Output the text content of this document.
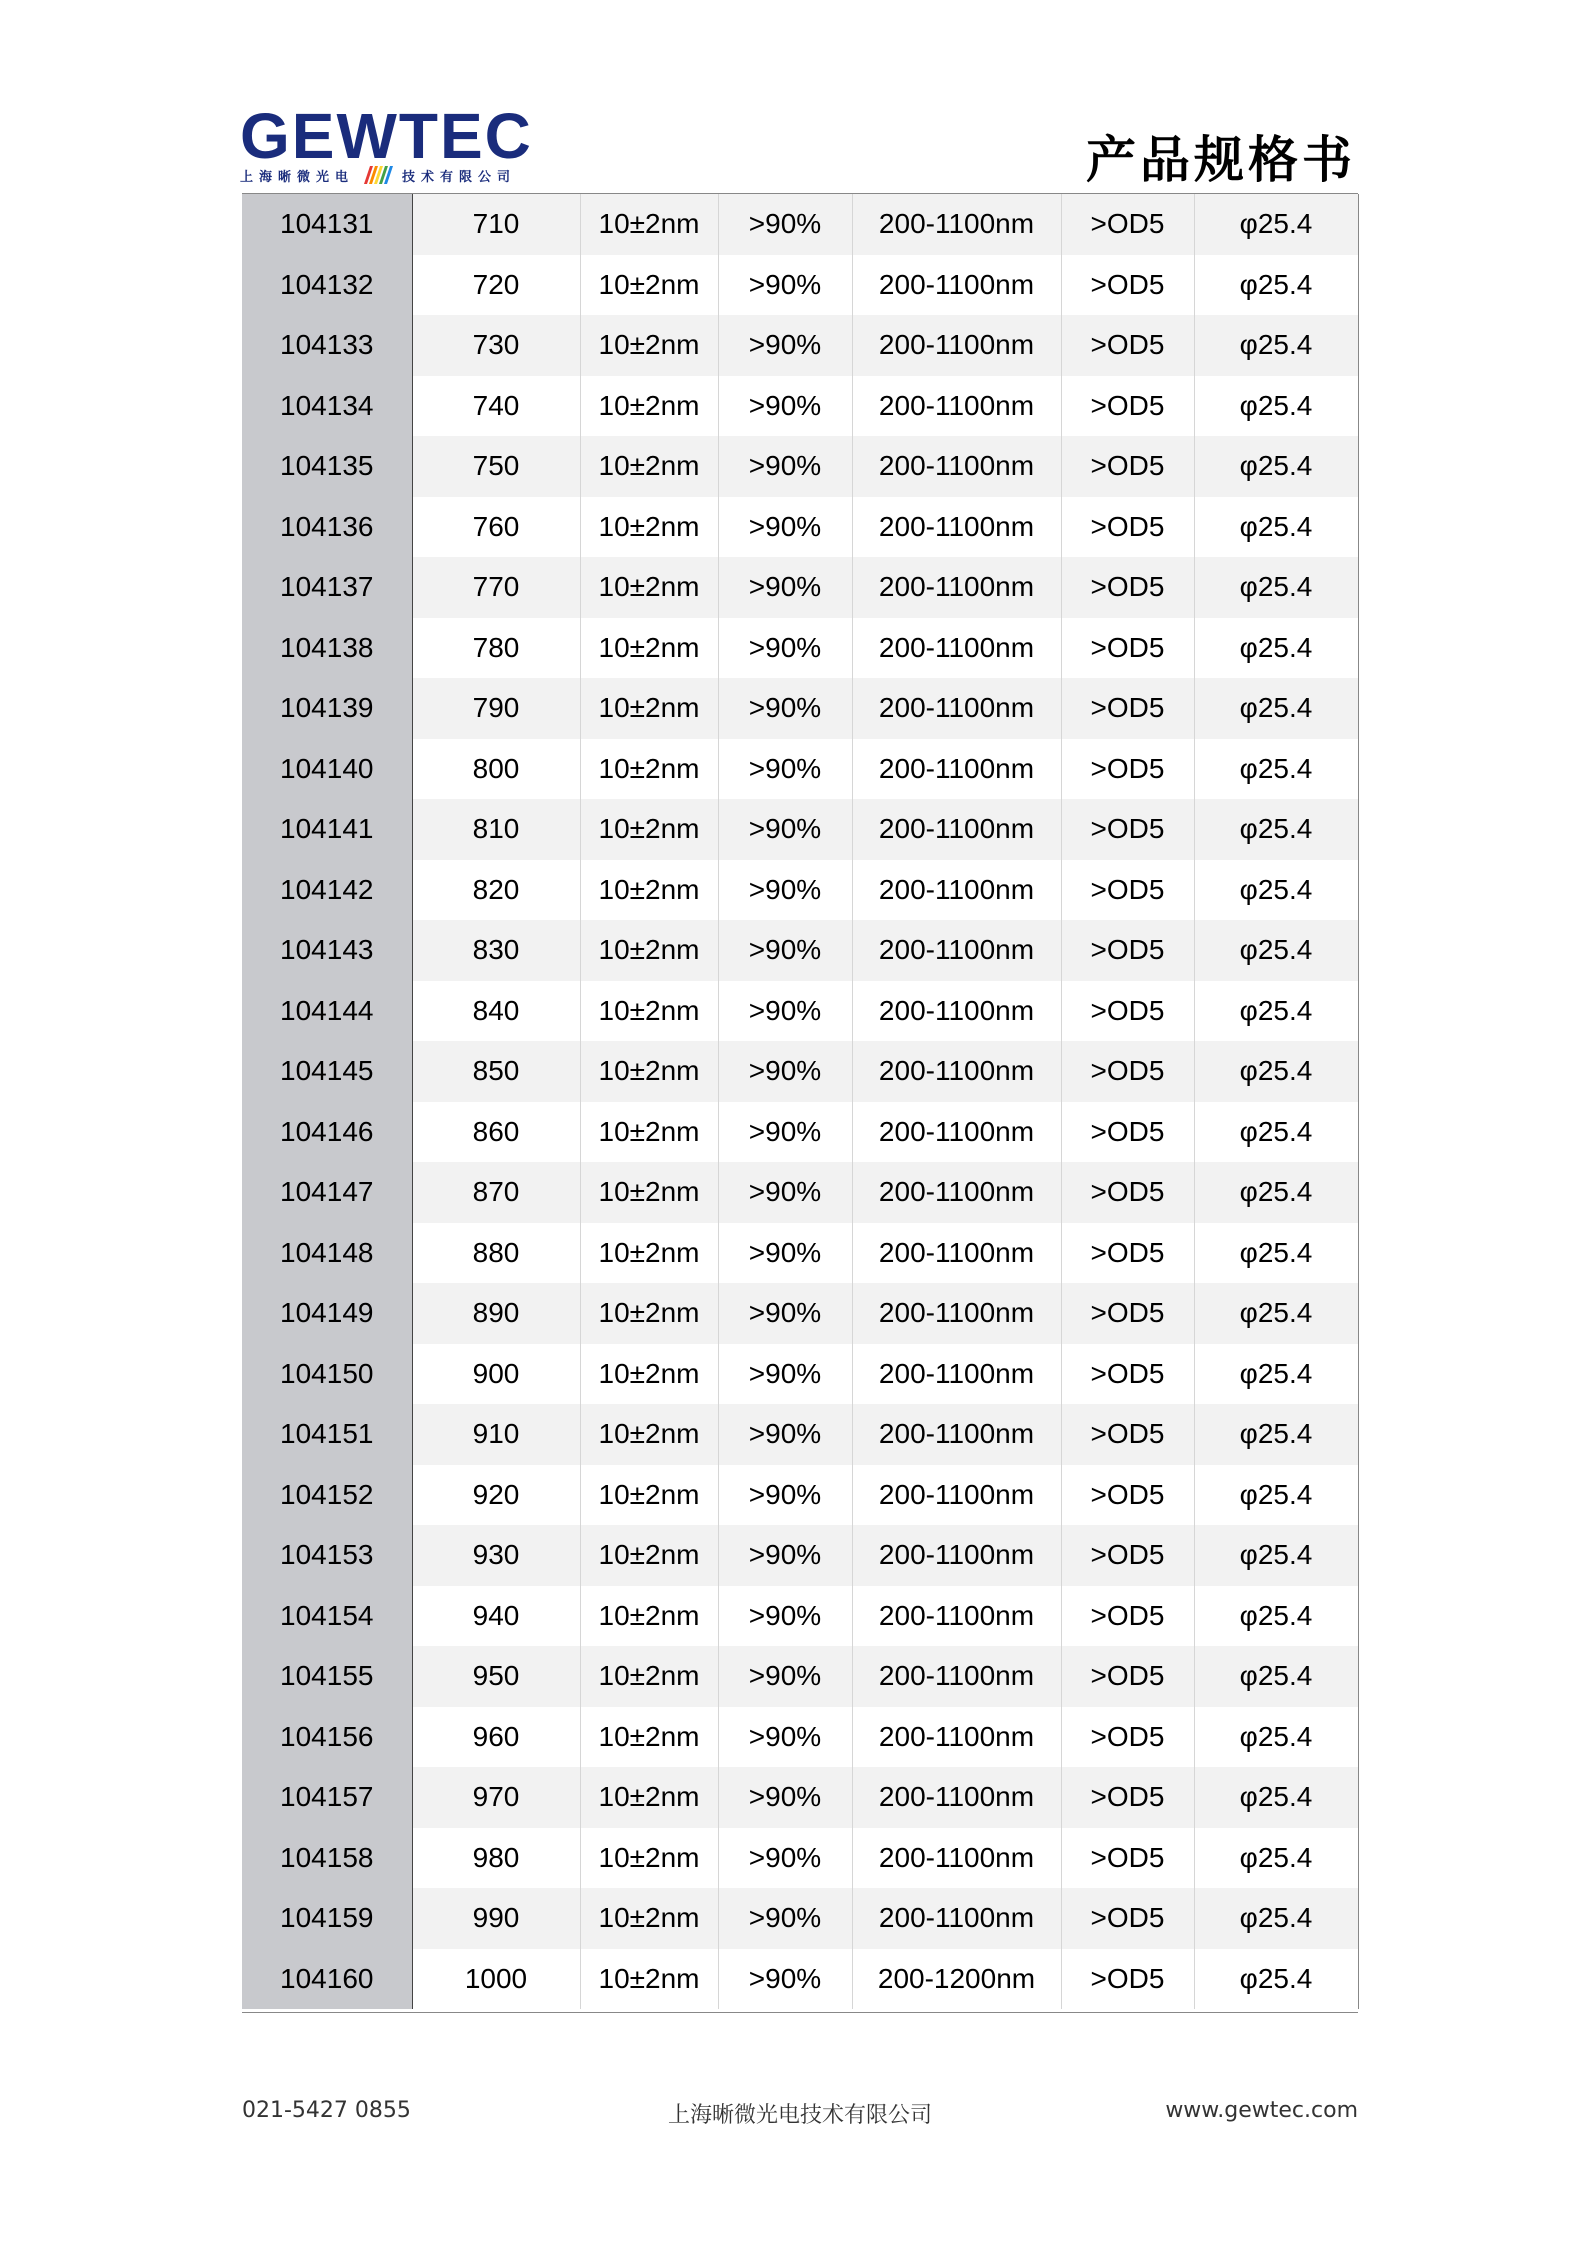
GEWTEC
上海晰微光电	技术有限公司	产品规格书
104131	710	10±2nm	>90%	200-1100nm	>OD5	φ25.4
104132	720	10±2nm	>90%	200-1100nm	>OD5	φ25.4
104133	730	10±2nm	>90%	200-1100nm	>OD5	φ25.4
104134	740	10±2nm	>90%	200-1100nm	>OD5	φ25.4
104135	750	10±2nm	>90%	200-1100nm	>OD5	φ25.4
104136	760	10±2nm	>90%	200-1100nm	>OD5	φ25.4
104137	770	10±2nm	>90%	200-1100nm	>OD5	φ25.4
104138	780	10±2nm	>90%	200-1100nm	>OD5	φ25.4
104139	790	10±2nm	>90%	200-1100nm	>OD5	φ25.4
104140	800	10±2nm	>90%	200-1100nm	>OD5	φ25.4
104141	810	10±2nm	>90%	200-1100nm	>OD5	φ25.4
104142	820	10±2nm	>90%	200-1100nm	>OD5	φ25.4
104143	830	10±2nm	>90%	200-1100nm	>OD5	φ25.4
104144	840	10±2nm	>90%	200-1100nm	>OD5	φ25.4
104145	850	10±2nm	>90%	200-1100nm	>OD5	φ25.4
104146	860	10±2nm	>90%	200-1100nm	>OD5	φ25.4
104147	870	10±2nm	>90%	200-1100nm	>OD5	φ25.4
104148	880	10±2nm	>90%	200-1100nm	>OD5	φ25.4
104149	890	10±2nm	>90%	200-1100nm	>OD5	φ25.4
104150	900	10±2nm	>90%	200-1100nm	>OD5	φ25.4
104151	910	10±2nm	>90%	200-1100nm	>OD5	φ25.4
104152	920	10±2nm	>90%	200-1100nm	>OD5	φ25.4
104153	930	10±2nm	>90%	200-1100nm	>OD5	φ25.4
104154	940	10±2nm	>90%	200-1100nm	>OD5	φ25.4
104155	950	10±2nm	>90%	200-1100nm	>OD5	φ25.4
104156	960	10±2nm	>90%	200-1100nm	>OD5	φ25.4
104157	970	10±2nm	>90%	200-1100nm	>OD5	φ25.4
104158	980	10±2nm	>90%	200-1100nm	>OD5	φ25.4
104159	990	10±2nm	>90%	200-1100nm	>OD5	φ25.4
104160	1000	10±2nm	>90%	200-1200nm	>OD5	φ25.4
021-5427 0855	上海晰微光电技术有限公司	www.gewtec.com
